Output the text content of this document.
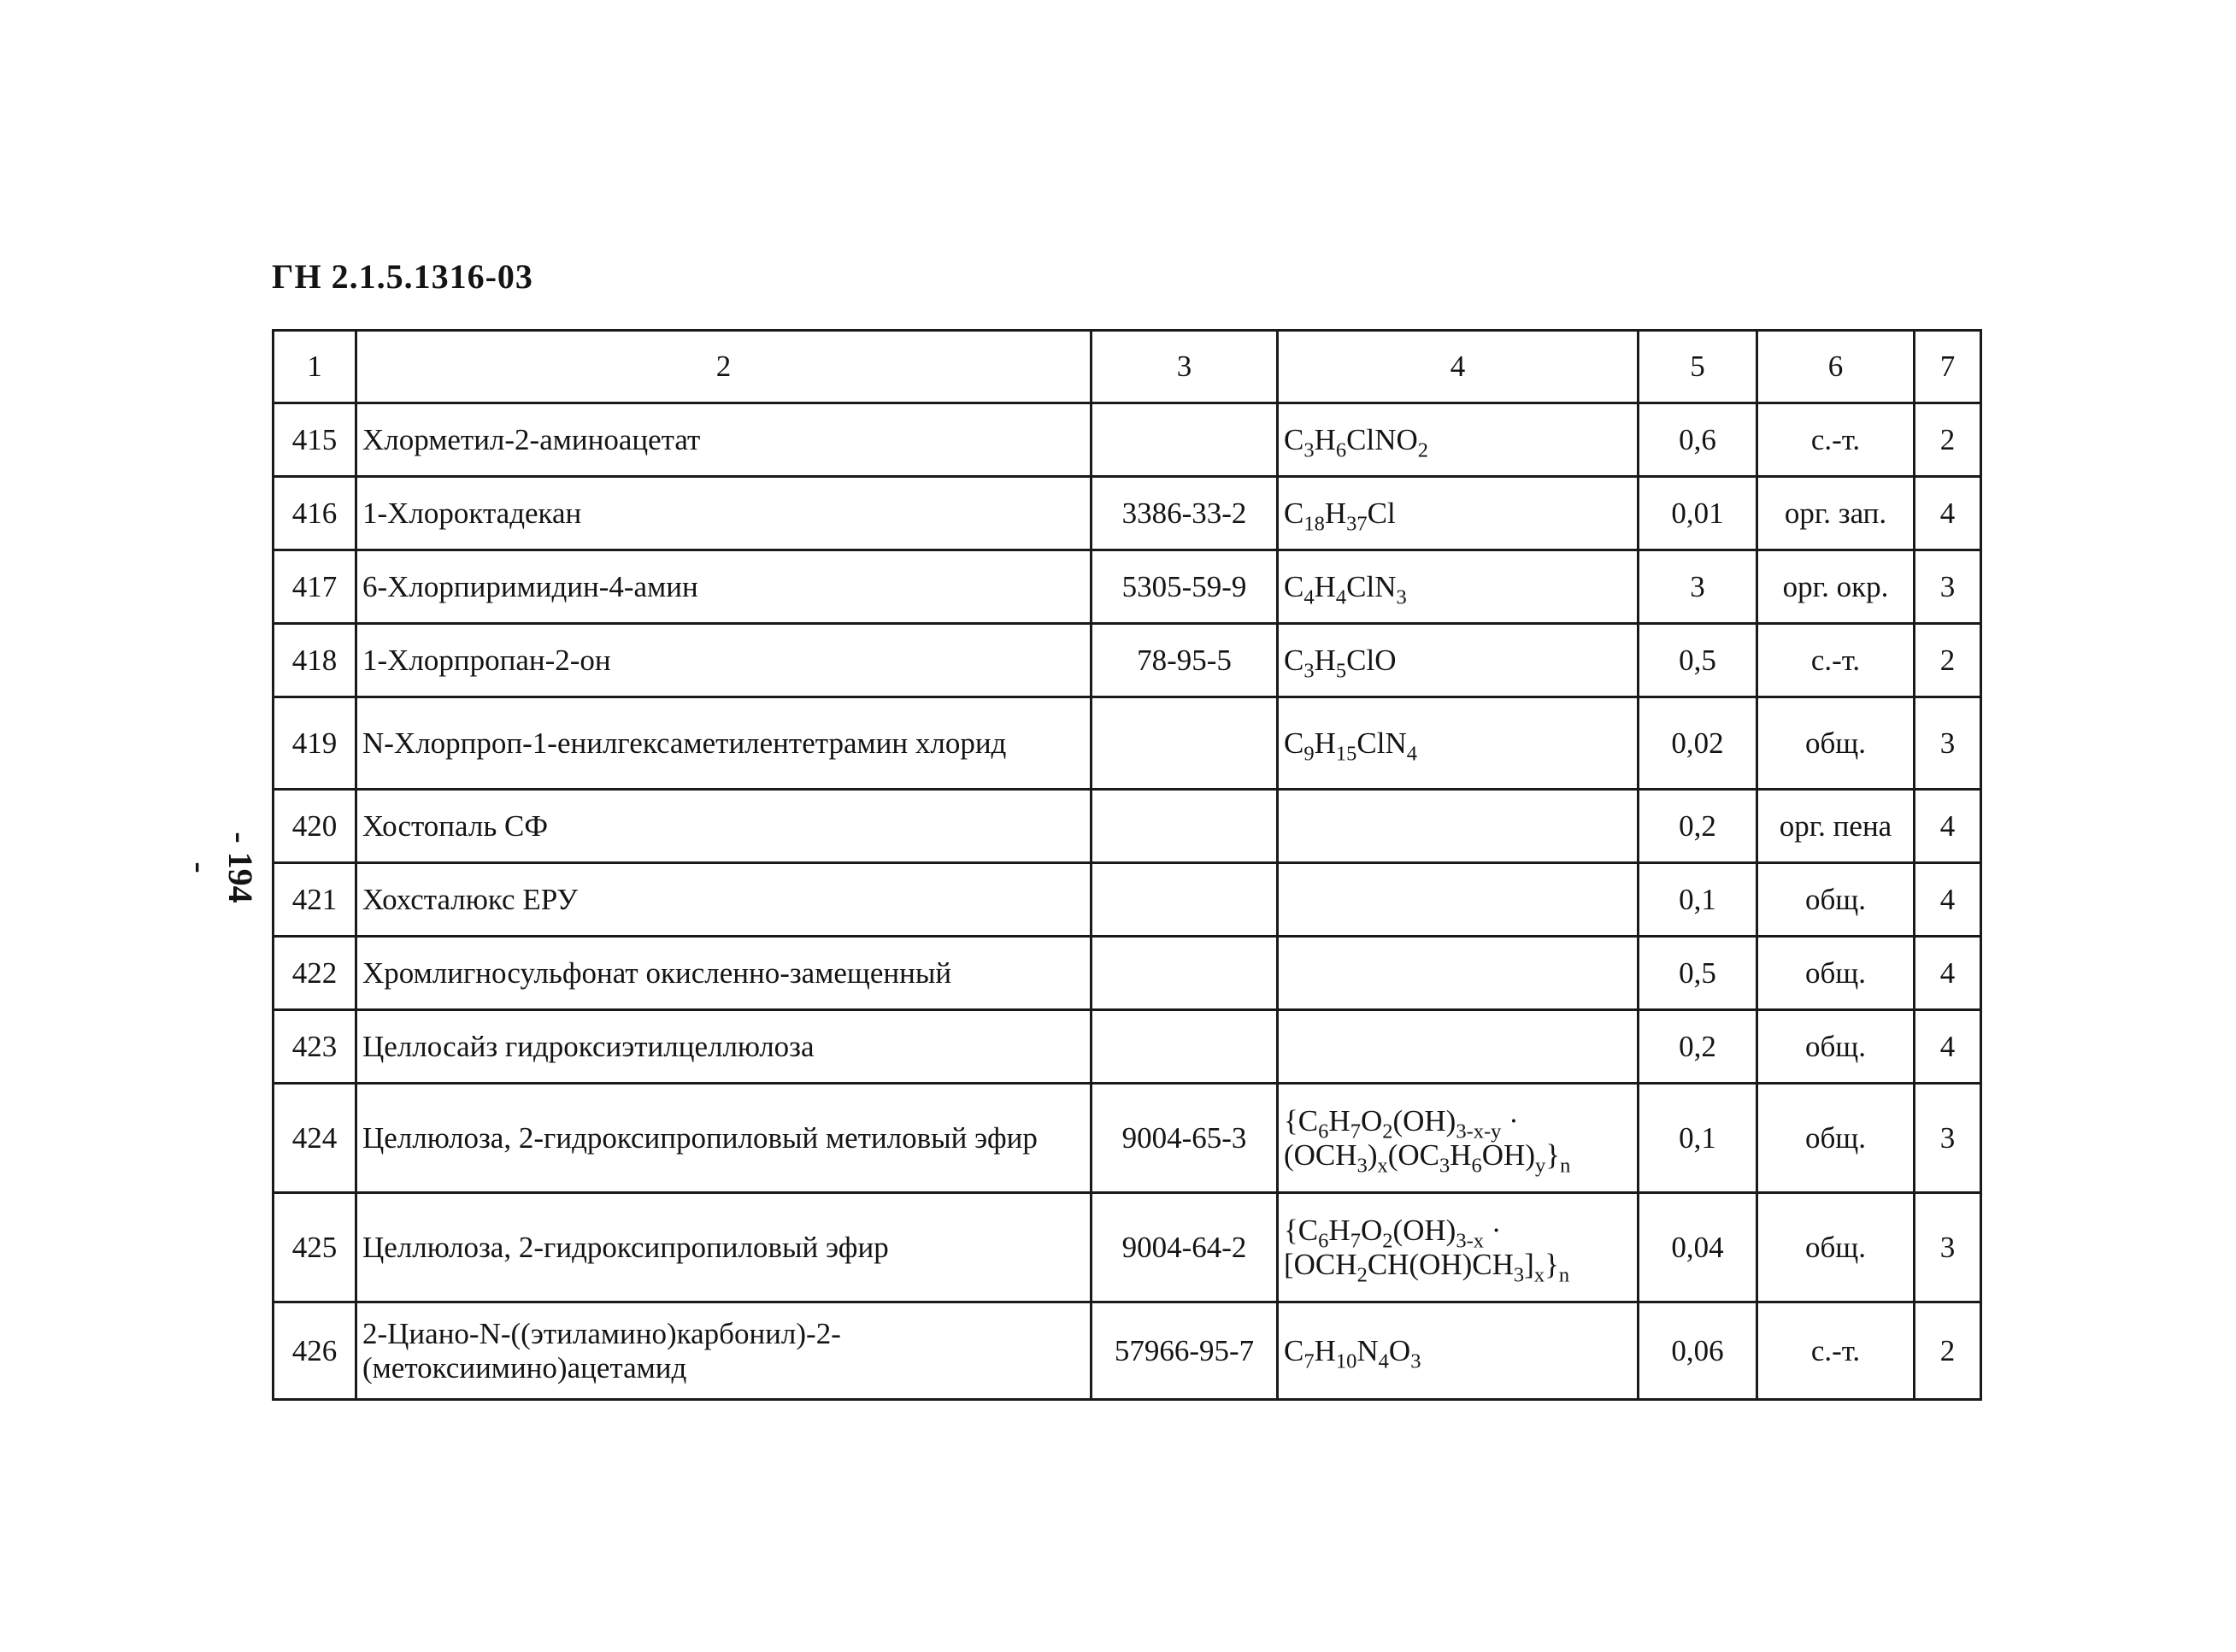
ГН 2.1.5.1316-03
- 194 -
1	2	3	4	5	6	7
415	Хлорметил-2-аминоацетат		$C_3H_6ClNO_2$	0,6	с.-т.	2
416	1-Хлороктадекан	3386-33-2	$C_{18}H_{37}Cl$	0,01	орг. зап.	4
417	6-Хлорпиримидин-4-амин	5305-59-9	$C_4H_4ClN_3$	3	орг. окр.	3
418	1-Хлорпропан-2-он	78-95-5	$C_3H_5ClO$	0,5	с.-т.	2
419	N-Хлорпроп-1-енилгексаметилентетрамин хлорид		$C_9H_{15}ClN_4$	0,02	общ.	3
420	Хостопаль СФ			0,2	орг. пена	4
421	Хохсталюкс ЕРУ			0,1	общ.	4
422	Хромлигносульфонат окисленно-замещенный			0,5	общ.	4
423	Целлосайз гидроксиэтилцеллюлоза			0,2	общ.	4
424	Целлюлоза, 2-гидроксипропиловый метиловый эфир	9004-65-3	{$C_6H_7O_2(OH)_{3-x-y}$ ·
$(OCH_3)_x(OC_3H_6OH)_y\}_n$	0,1	общ.	3
425	Целлюлоза, 2-гидроксипропиловый эфир	9004-64-2	{$C_6H_7O_2(OH)_{3-x}$ ·
$[OCH_2CH(OH)CH_3]_x\}_n$	0,04	общ.	3
426	2-Циано-N-((этиламино)карбонил)-2-(метоксиимино)ацетамид	57966-95-7	$C_7H_{10}N_4O_3$	0,06	с.-т.	2
